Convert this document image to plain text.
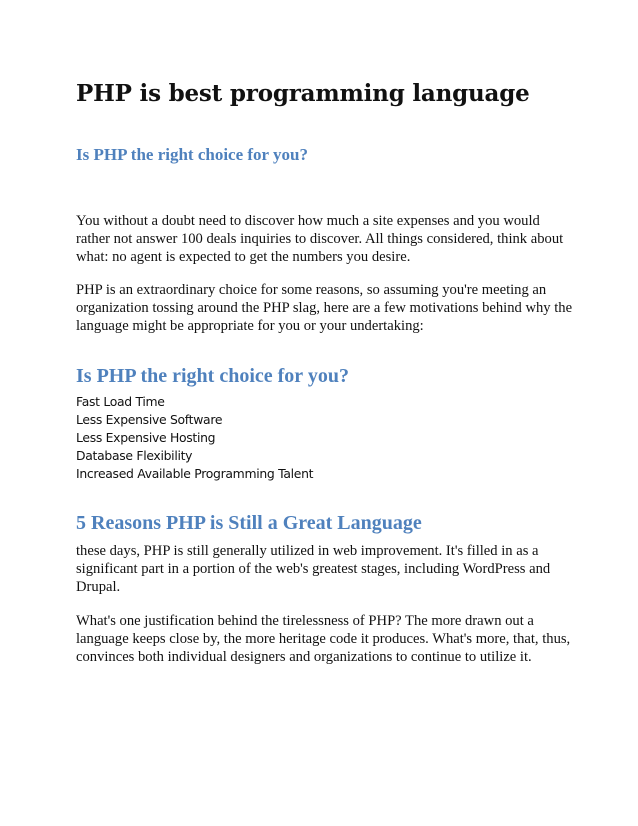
PHP is best programming language
Is PHP the right choice for you?

You without a doubt need to discover how much a site expenses and you would rather not answer 100 deals inquiries to discover. All things considered, think about what: no agent is expected to get the numbers you desire.

PHP is an extraordinary choice for some reasons, so assuming you're meeting an organization tossing around the PHP slag, here are a few motivations behind why the language might be appropriate for you or your undertaking:

Is PHP the right choice for you?
Fast Load Time
Less Expensive Software
Less Expensive Hosting
Database Flexibility
Increased Available Programming Talent
5 Reasons PHP is Still a Great Language

these days, PHP is still generally utilized in web improvement. It's filled in as a significant part in a portion of the web's greatest stages, including WordPress and Drupal.

What's one justification behind the tirelessness of PHP? The more drawn out a language keeps close by, the more heritage code it produces. What's more, that, thus, convinces both individual designers and organizations to continue to utilize it.
